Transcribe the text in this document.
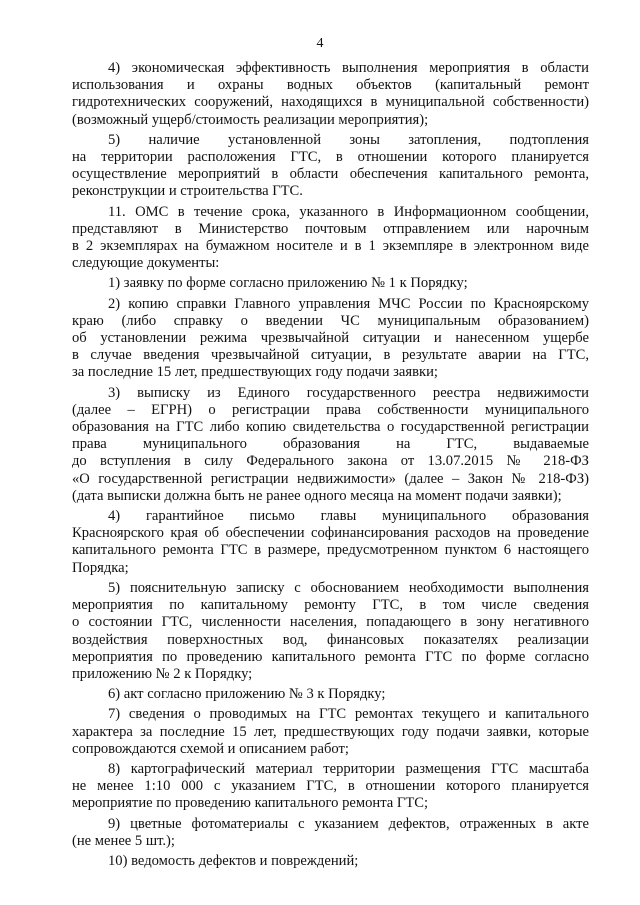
4
4) экономическая эффективность выполнения мероприятия в области
использования и охраны водных объектов (капитальный ремонт
гидротехнических сооружений, находящихся в муниципальной собственности)
(возможный ущерб/стоимость реализации мероприятия);
5) наличие установленной зоны затопления, подтопления
на территории расположения ГТС, в отношении которого планируется
осуществление мероприятий в области обеспечения капитального ремонта,
реконструкции и строительства ГТС.
11. ОМС в течение срока, указанного в Информационном сообщении,
представляют в Министерство почтовым отправлением или нарочным
в 2 экземплярах на бумажном носителе и в 1 экземпляре в электронном виде
следующие документы:
1) заявку по форме согласно приложению № 1 к Порядку;
2) копию справки Главного управления МЧС России по Красноярскому
краю (либо справку о введении ЧС муниципальным образованием)
об установлении режима чрезвычайной ситуации и нанесенном ущербе
в случае введения чрезвычайной ситуации, в результате аварии на ГТС,
за последние 15 лет, предшествующих году подачи заявки;
3) выписку из Единого государственного реестра недвижимости
(далее – ЕГРН) о регистрации права собственности муниципального
образования на ГТС либо копию свидетельства о государственной регистрации
права муниципального образования на ГТС, выдаваемые
до вступления в силу Федерального закона от 13.07.2015 № 218-ФЗ
«О государственной регистрации недвижимости» (далее – Закон № 218-ФЗ)
(дата выписки должна быть не ранее одного месяца на момент подачи заявки);
4) гарантийное письмо главы муниципального образования
Красноярского края об обеспечении софинансирования расходов на проведение
капитального ремонта ГТС в размере, предусмотренном пунктом 6 настоящего
Порядка;
5) пояснительную записку с обоснованием необходимости выполнения
мероприятия по капитальному ремонту ГТС, в том числе сведения
о состоянии ГТС, численности населения, попадающего в зону негативного
воздействия поверхностных вод, финансовых показателях реализации
мероприятия по проведению капитального ремонта ГТС по форме согласно
приложению № 2 к Порядку;
6) акт согласно приложению № 3 к Порядку;
7) сведения о проводимых на ГТС ремонтах текущего и капитального
характера за последние 15 лет, предшествующих году подачи заявки, которые
сопровождаются схемой и описанием работ;
8) картографический материал территории размещения ГТС масштаба
не менее 1:10 000 с указанием ГТС, в отношении которого планируется
мероприятие по проведению капитального ремонта ГТС;
9) цветные фотоматериалы с указанием дефектов, отраженных в акте
(не менее 5 шт.);
10) ведомость дефектов и повреждений;
